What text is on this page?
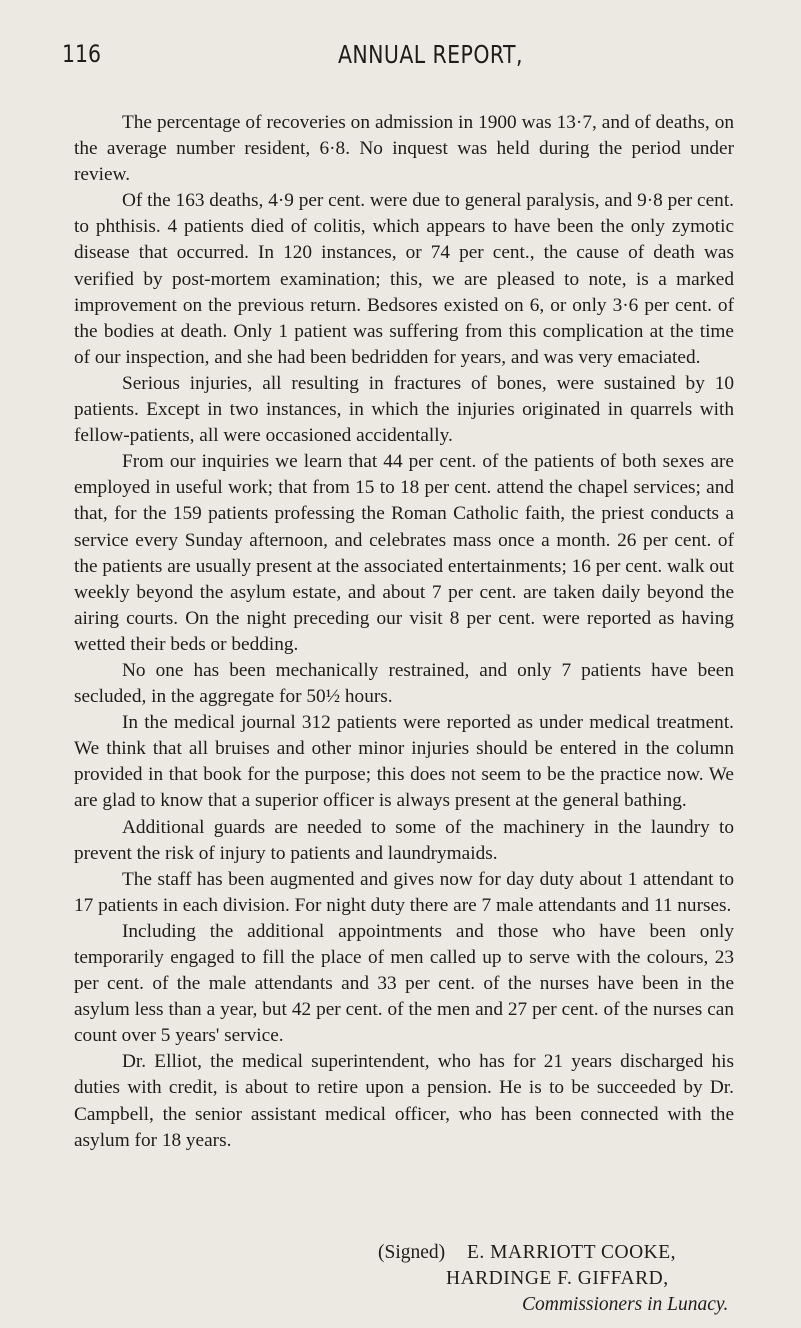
116	ANNUAL REPORT,

The percentage of recoveries on admission in 1900 was 13·7, and of deaths, on the average number resident, 6·8. No inquest was held during the period under review.

Of the 163 deaths, 4·9 per cent. were due to general paralysis, and 9·8 per cent. to phthisis. 4 patients died of colitis, which appears to have been the only zymotic disease that occurred. In 120 instances, or 74 per cent., the cause of death was verified by post-mortem examination; this, we are pleased to note, is a marked improvement on the previous return. Bedsores existed on 6, or only 3·6 per cent. of the bodies at death. Only 1 patient was suffering from this complication at the time of our inspection, and she had been bedridden for years, and was very emaciated.

Serious injuries, all resulting in fractures of bones, were sustained by 10 patients. Except in two instances, in which the injuries originated in quarrels with fellow-patients, all were occasioned accidentally.

From our inquiries we learn that 44 per cent. of the patients of both sexes are employed in useful work; that from 15 to 18 per cent. attend the chapel services; and that, for the 159 patients professing the Roman Catholic faith, the priest conducts a service every Sunday afternoon, and celebrates mass once a month. 26 per cent. of the patients are usually present at the associated entertainments; 16 per cent. walk out weekly beyond the asylum estate, and about 7 per cent. are taken daily beyond the airing courts. On the night preceding our visit 8 per cent. were reported as having wetted their beds or bedding.

No one has been mechanically restrained, and only 7 patients have been secluded, in the aggregate for 50½ hours.

In the medical journal 312 patients were reported as under medical treatment. We think that all bruises and other minor injuries should be entered in the column provided in that book for the purpose; this does not seem to be the practice now. We are glad to know that a superior officer is always present at the general bathing.

Additional guards are needed to some of the machinery in the laundry to prevent the risk of injury to patients and laundrymaids.

The staff has been augmented and gives now for day duty about 1 attendant to 17 patients in each division. For night duty there are 7 male attendants and 11 nurses.

Including the additional appointments and those who have been only temporarily engaged to fill the place of men called up to serve with the colours, 23 per cent. of the male attendants and 33 per cent. of the nurses have been in the asylum less than a year, but 42 per cent. of the men and 27 per cent. of the nurses can count over 5 years' service.

Dr. Elliot, the medical superintendent, who has for 21 years discharged his duties with credit, is about to retire upon a pension. He is to be succeeded by Dr. Campbell, the senior assistant medical officer, who has been connected with the asylum for 18 years.

(Signed) E. MARRIOTT COOKE,
HARDINGE F. GIFFARD,
Commissioners in Lunacy.
